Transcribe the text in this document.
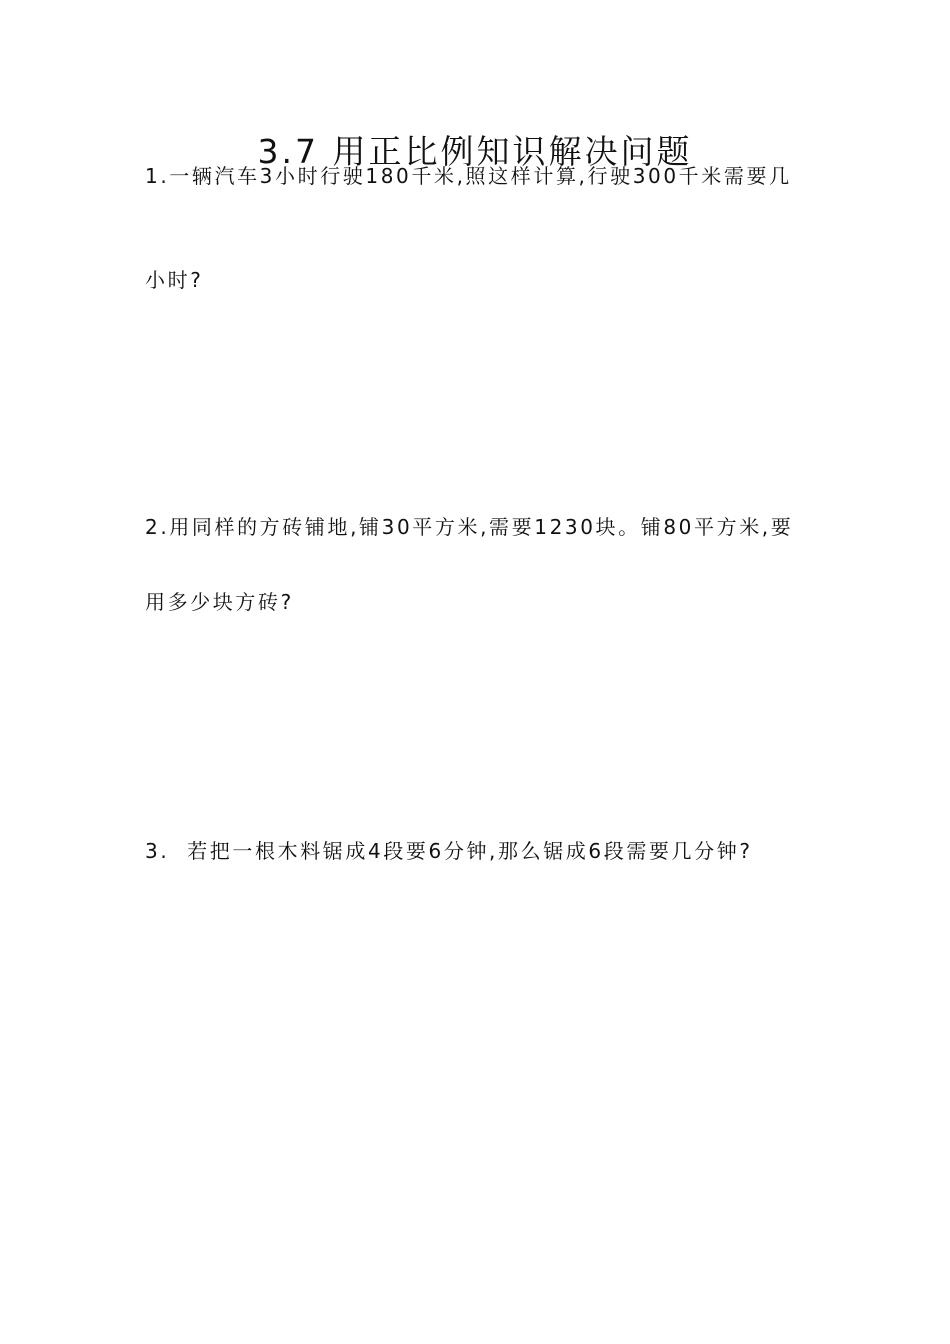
3.7 用正比例知识解决问题

1.一辆汽车3小时行驶180千米,照这样计算,行驶300千米需要几

小时?

2.用同样的方砖铺地,铺30平方米,需要1230块。铺80平方米,要

用多少块方砖?

3.  若把一根木料锯成4段要6分钟,那么锯成6段需要几分钟?
